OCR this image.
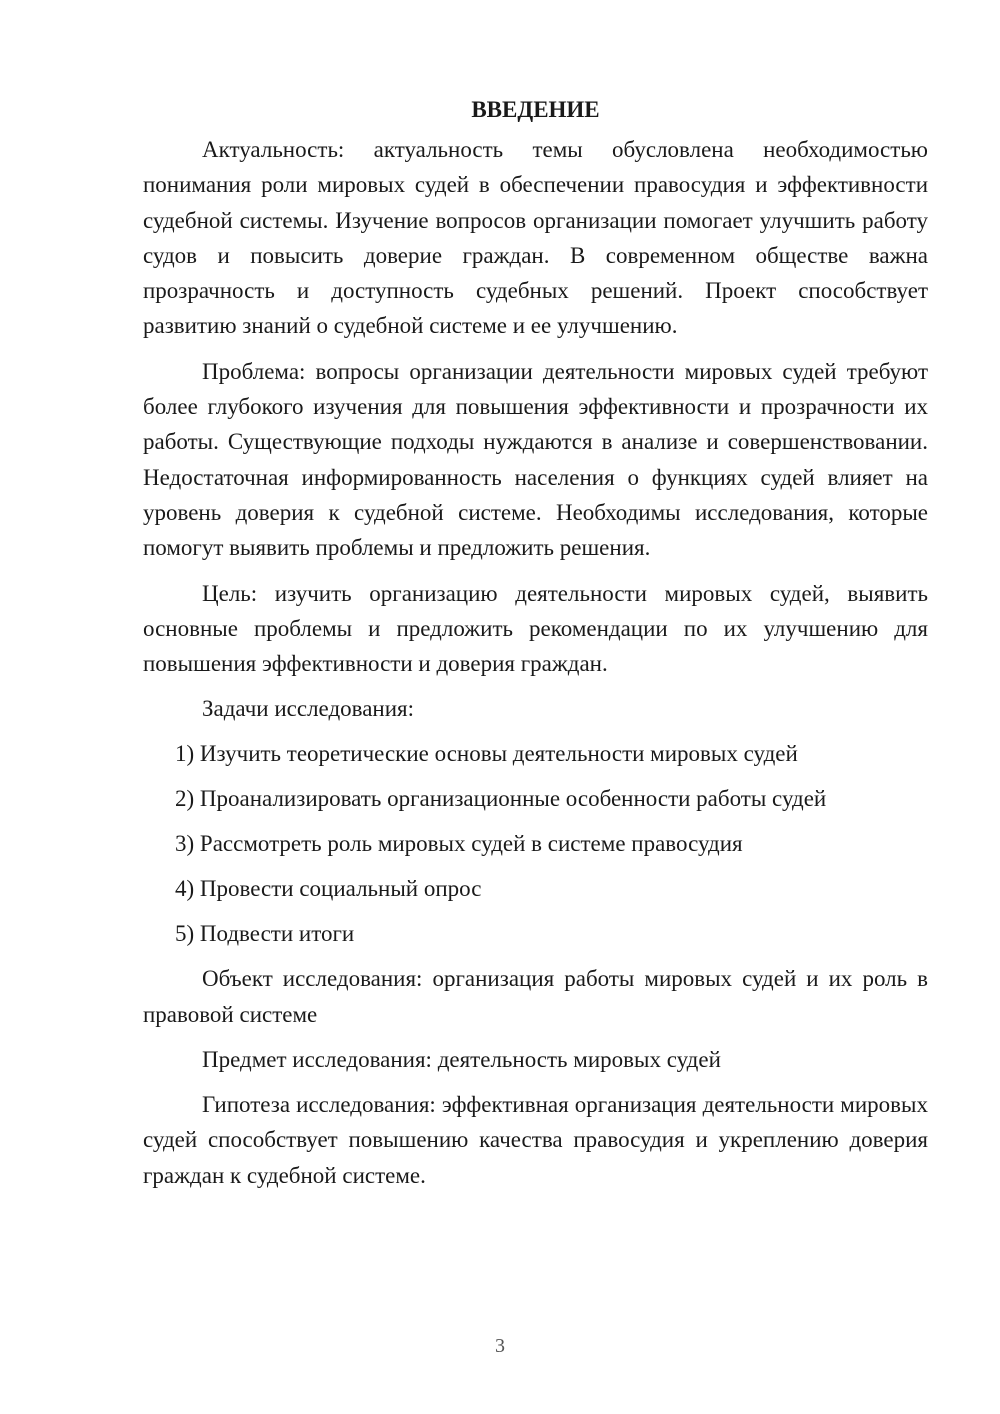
ВВЕДЕНИЕ

Актуальность: актуальность темы обусловлена необходимостью понимания роли мировых судей в обеспечении правосудия и эффективности судебной системы. Изучение вопросов организации помогает улучшить работу судов и повысить доверие граждан. В современном обществе важна прозрачность и доступность судебных решений. Проект способствует развитию знаний о судебной системе и ее улучшению.

Проблема: вопросы организации деятельности мировых судей требуют более глубокого изучения для повышения эффективности и прозрачности их работы. Существующие подходы нуждаются в анализе и совершенствовании. Недостаточная информированность населения о функциях судей влияет на уровень доверия к судебной системе. Необходимы исследования, которые помогут выявить проблемы и предложить решения.

Цель: изучить организацию деятельности мировых судей, выявить основные проблемы и предложить рекомендации по их улучшению для повышения эффективности и доверия граждан.

Задачи исследования:

1) Изучить теоретические основы деятельности мировых судей
2) Проанализировать организационные особенности работы судей
3) Рассмотреть роль мировых судей в системе правосудия
4) Провести социальный опрос
5) Подвести итоги

Объект исследования: организация работы мировых судей и их роль в правовой системе

Предмет исследования: деятельность мировых судей

Гипотеза исследования: эффективная организация деятельности мировых судей способствует повышению качества правосудия и укреплению доверия граждан к судебной системе.

3
